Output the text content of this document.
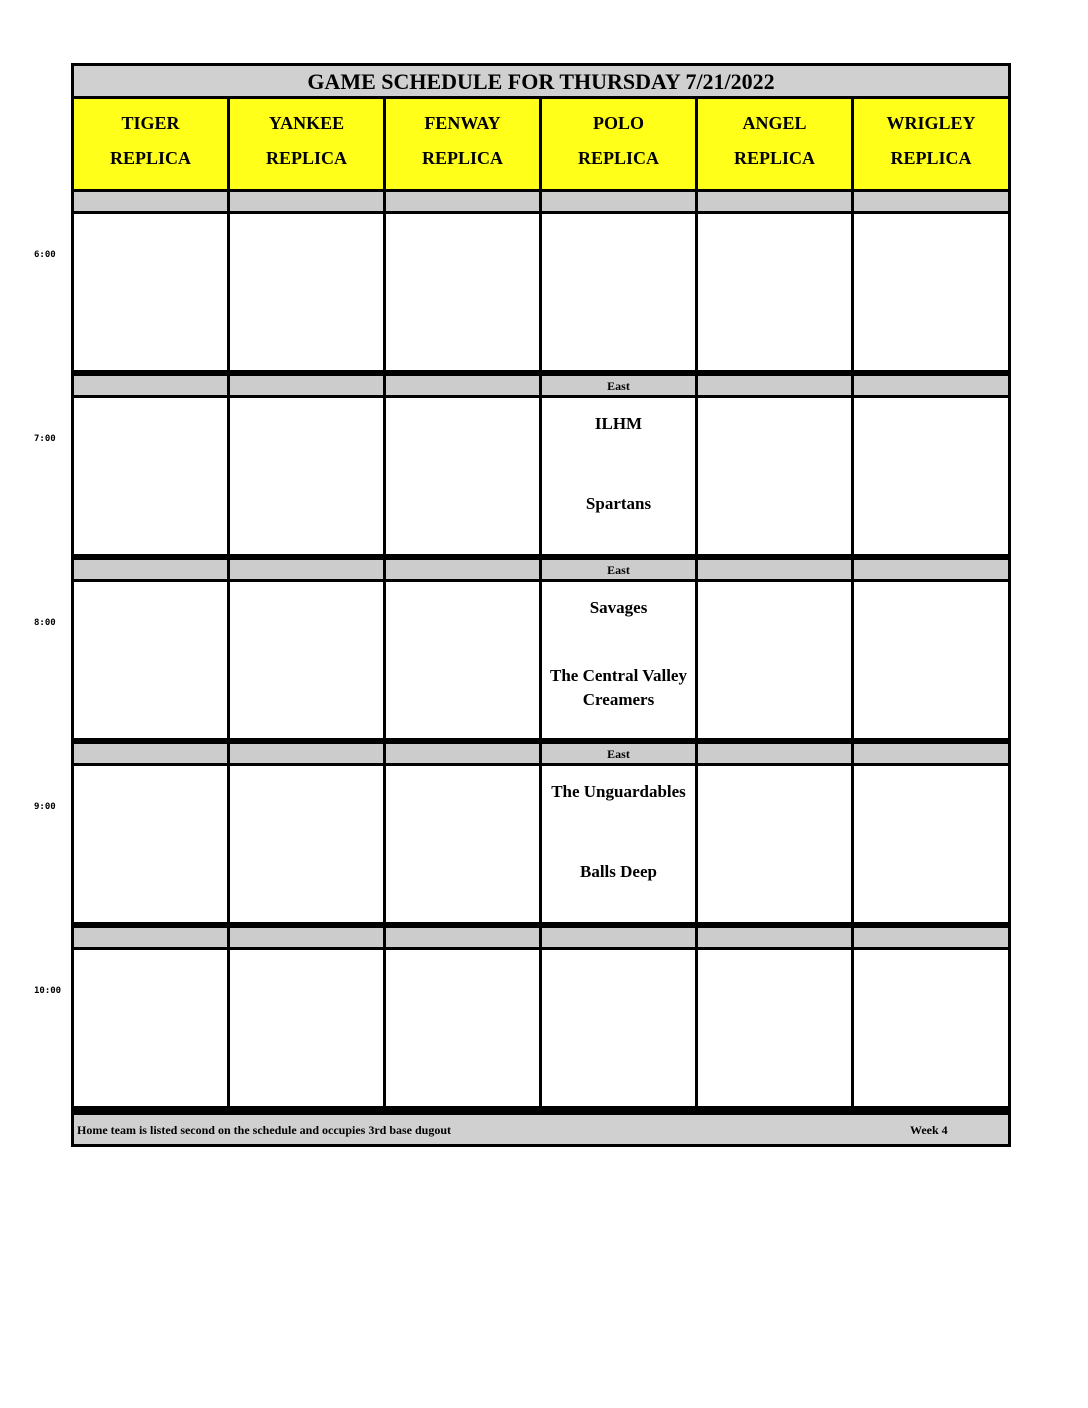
6:00
7:00
8:00
9:00
10:00
GAME SCHEDULE FOR THURSDAY 7/21/2022
TIGER
REPLICA
YANKEE
REPLICA
FENWAY
REPLICA
POLO
REPLICA
ANGEL
REPLICA
WRIGLEY
REPLICA
East
ILHM
Spartans
East
Savages
The Central Valley Creamers
East
The Unguardables
Balls Deep
Home team is listed second on the schedule and occupies 3rd base dugout	Week 4
